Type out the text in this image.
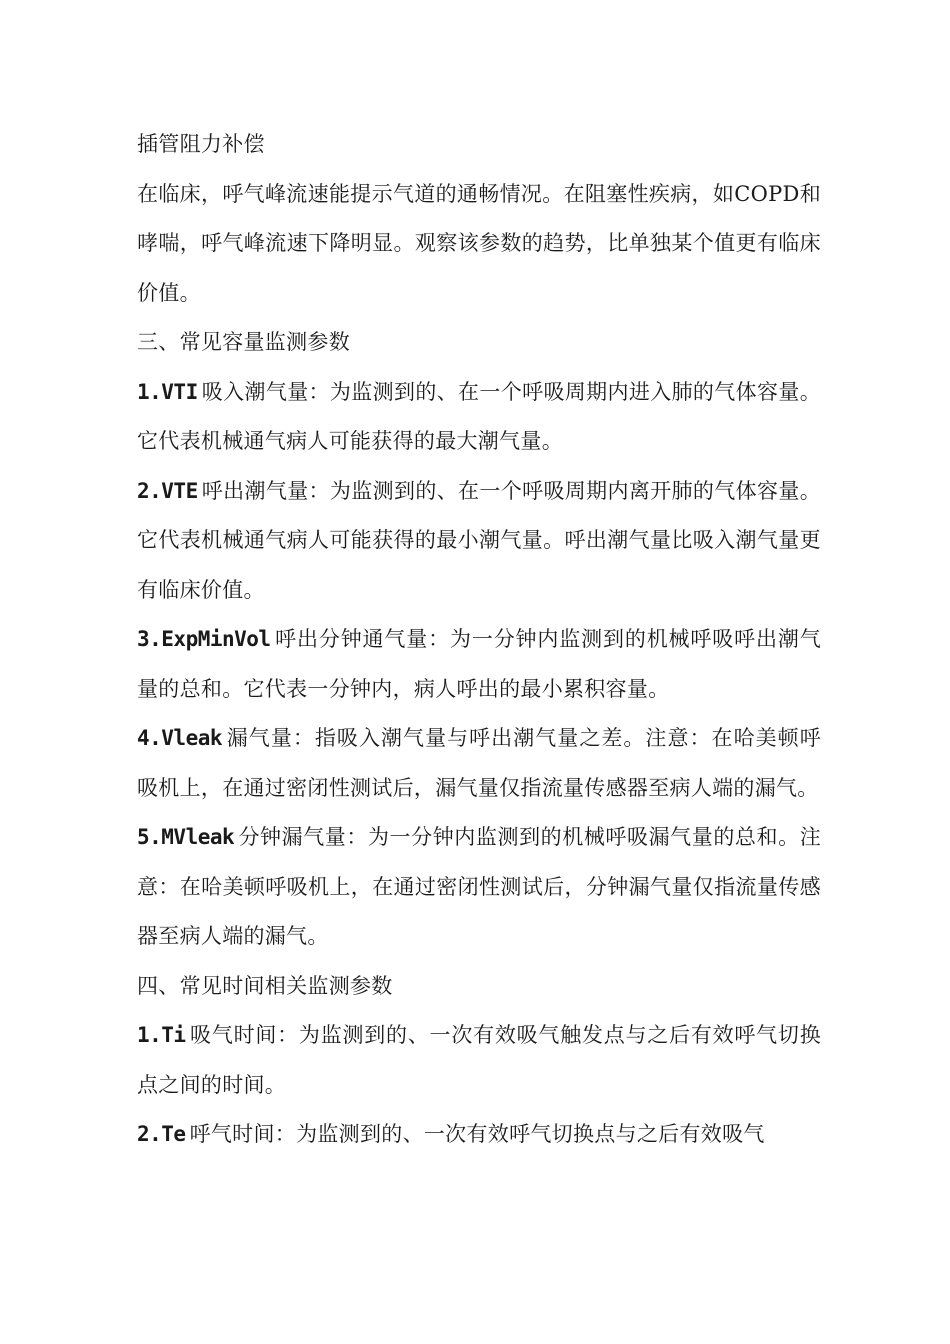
插管阻力补偿

在临床，呼气峰流速能提示气道的通畅情况。在阻塞性疾病，如COPD和哮喘，呼气峰流速下降明显。观察该参数的趋势，比单独某个值更有临床价值。

三、常见容量监测参数

1.VTI 吸入潮气量：为监测到的、在一个呼吸周期内进入肺的气体容量。它代表机械通气病人可能获得的最大潮气量。

2.VTE 呼出潮气量：为监测到的、在一个呼吸周期内离开肺的气体容量。它代表机械通气病人可能获得的最小潮气量。呼出潮气量比吸入潮气量更有临床价值。

3.ExpMinVol 呼出分钟通气量：为一分钟内监测到的机械呼吸呼出潮气量的总和。它代表一分钟内，病人呼出的最小累积容量。

4.Vleak 漏气量：指吸入潮气量与呼出潮气量之差。注意：在哈美顿呼吸机上，在通过密闭性测试后，漏气量仅指流量传感器至病人端的漏气。

5.MVleak 分钟漏气量：为一分钟内监测到的机械呼吸漏气量的总和。注意：在哈美顿呼吸机上，在通过密闭性测试后，分钟漏气量仅指流量传感器至病人端的漏气。

四、常见时间相关监测参数

1.Ti 吸气时间：为监测到的、一次有效吸气触发点与之后有效呼气切换点之间的时间。

2.Te 呼气时间：为监测到的、一次有效呼气切换点与之后有效吸气
